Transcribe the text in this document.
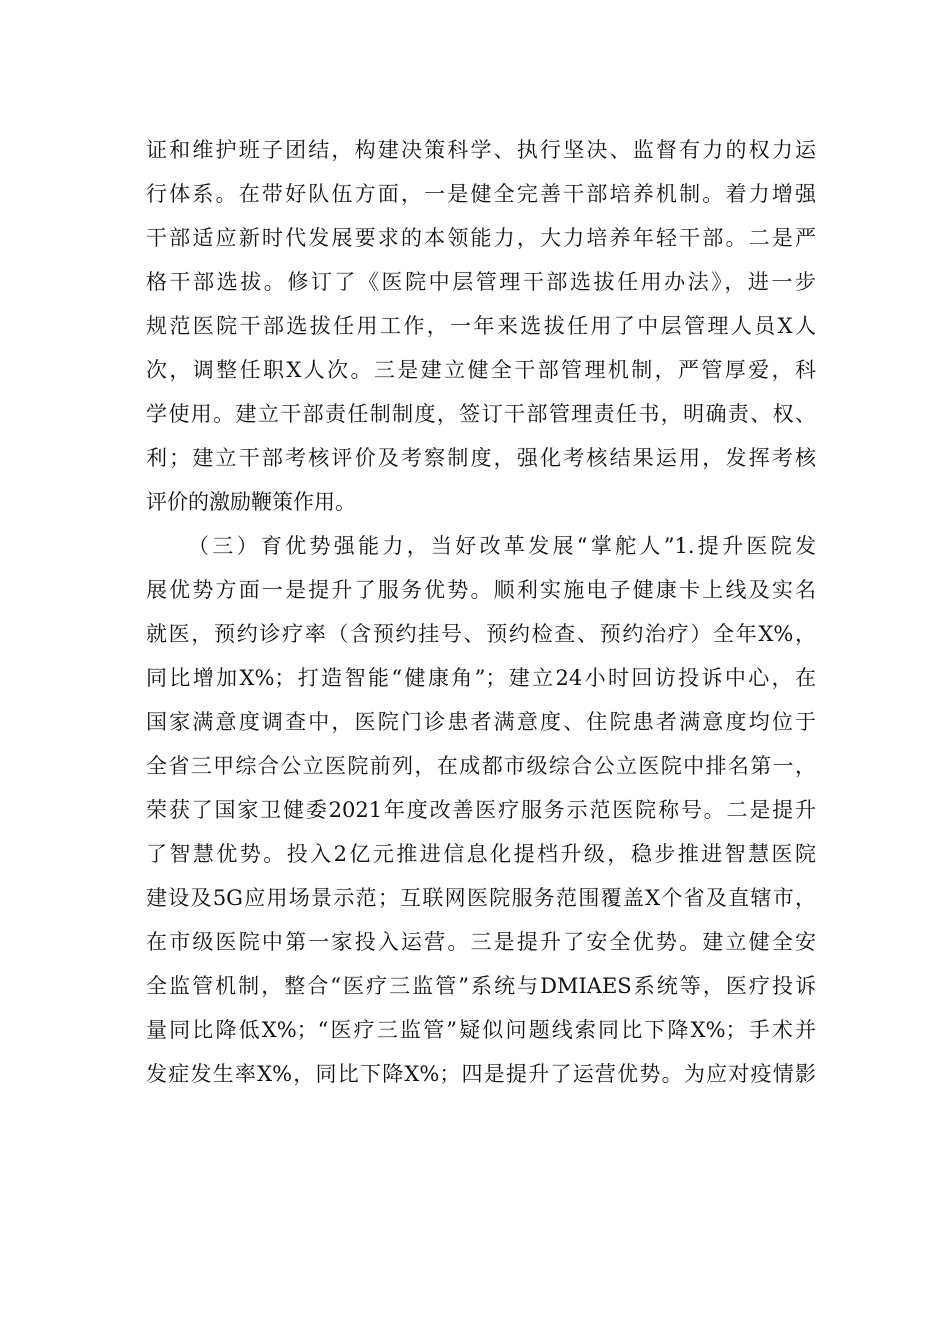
证和维护班子团结，构建决策科学、执行坚决、监督有力的权力运
行体系。在带好队伍方面，一是健全完善干部培养机制。着力增强
干部适应新时代发展要求的本领能力，大力培养年轻干部。二是严
格干部选拔。修订了《医院中层管理干部选拔任用办法》，进一步
规范医院干部选拔任用工作，一年来选拔任用了中层管理人员X人
次，调整任职X人次。三是建立健全干部管理机制，严管厚爱，科
学使用。建立干部责任制制度，签订干部管理责任书，明确责、权、
利；建立干部考核评价及考察制度，强化考核结果运用，发挥考核
评价的激励鞭策作用。
（三）育优势强能力，当好改革发展“掌舵人”1.提升医院发
展优势方面一是提升了服务优势。顺利实施电子健康卡上线及实名
就医，预约诊疗率（含预约挂号、预约检查、预约治疗）全年X%，
同比增加X%；打造智能“健康角”；建立24小时回访投诉中心，在
国家满意度调查中，医院门诊患者满意度、住院患者满意度均位于
全省三甲综合公立医院前列，在成都市级综合公立医院中排名第一，
荣获了国家卫健委2021年度改善医疗服务示范医院称号。二是提升
了智慧优势。投入2亿元推进信息化提档升级，稳步推进智慧医院
建设及5G应用场景示范；互联网医院服务范围覆盖X个省及直辖市，
在市级医院中第一家投入运营。三是提升了安全优势。建立健全安
全监管机制，整合“医疗三监管”系统与DMIAES系统等，医疗投诉
量同比降低X%；“医疗三监管”疑似问题线索同比下降X%；手术并
发症发生率X%，同比下降X%；四是提升了运营优势。为应对疫情影
